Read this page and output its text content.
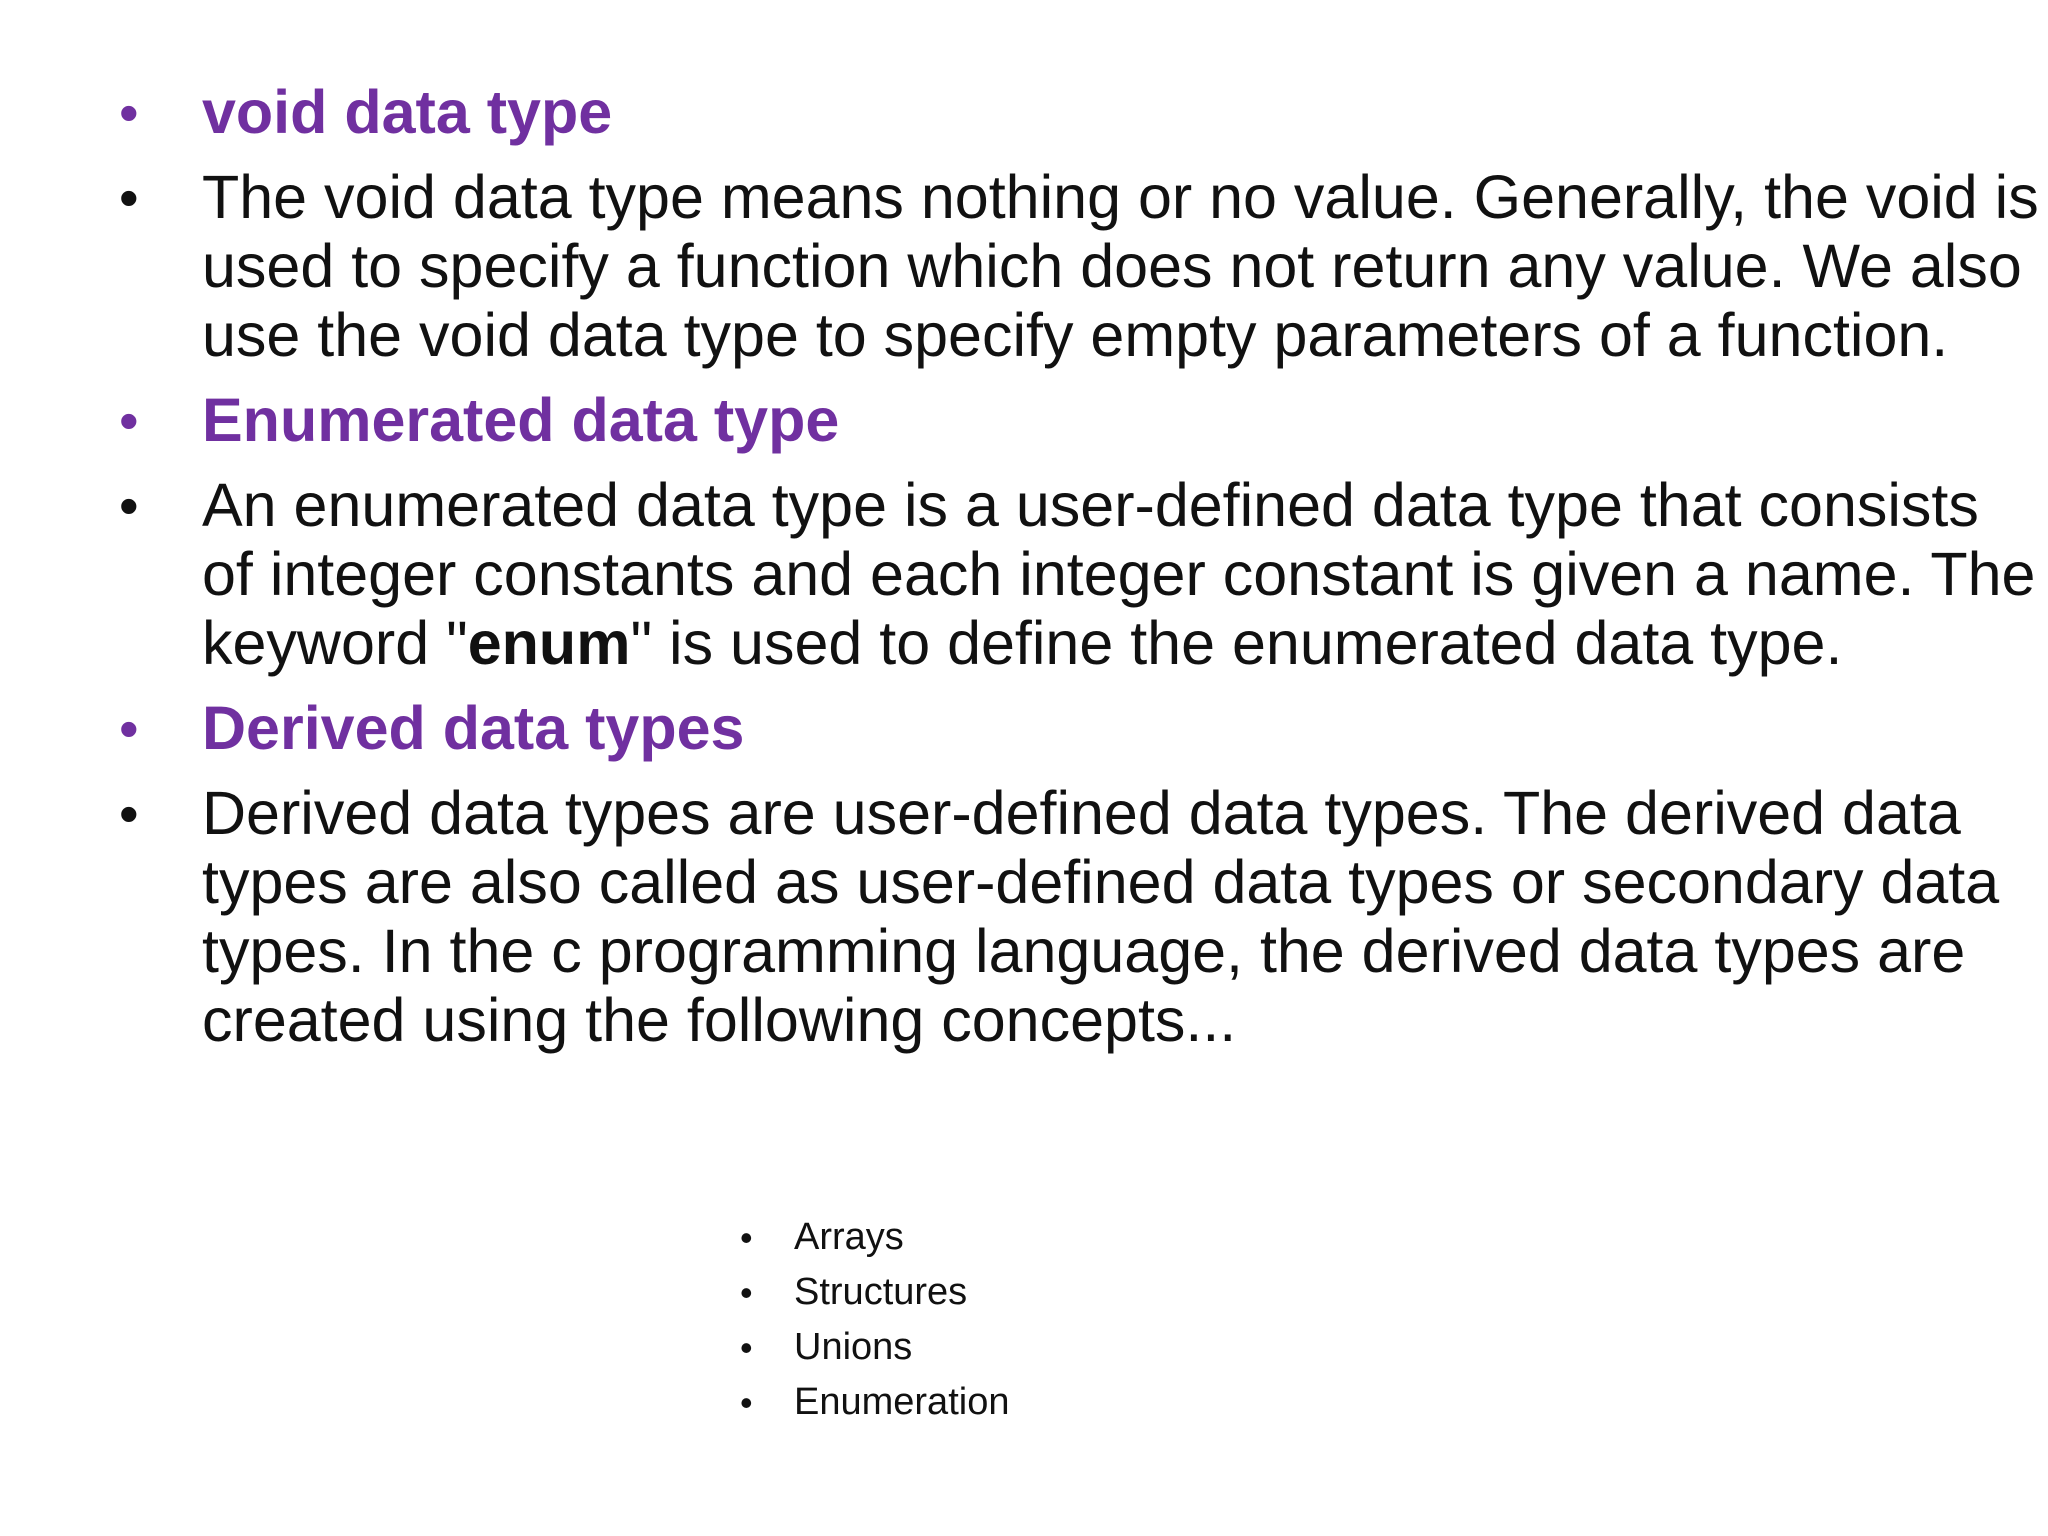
• void data type
• The void data type means nothing or no value. Generally, the void is used to specify a function which does not return any value. We also use the void data type to specify empty parameters of a function.
• Enumerated data type
• An enumerated data type is a user-defined data type that consists of integer constants and each integer constant is given a name. The keyword "enum" is used to define the enumerated data type.
• Derived data types
• Derived data types are user-defined data types. The derived data types are also called as user-defined data types or secondary data types. In the c programming language, the derived data types are created using the following concepts...
• Arrays
• Structures
• Unions
• Enumeration
